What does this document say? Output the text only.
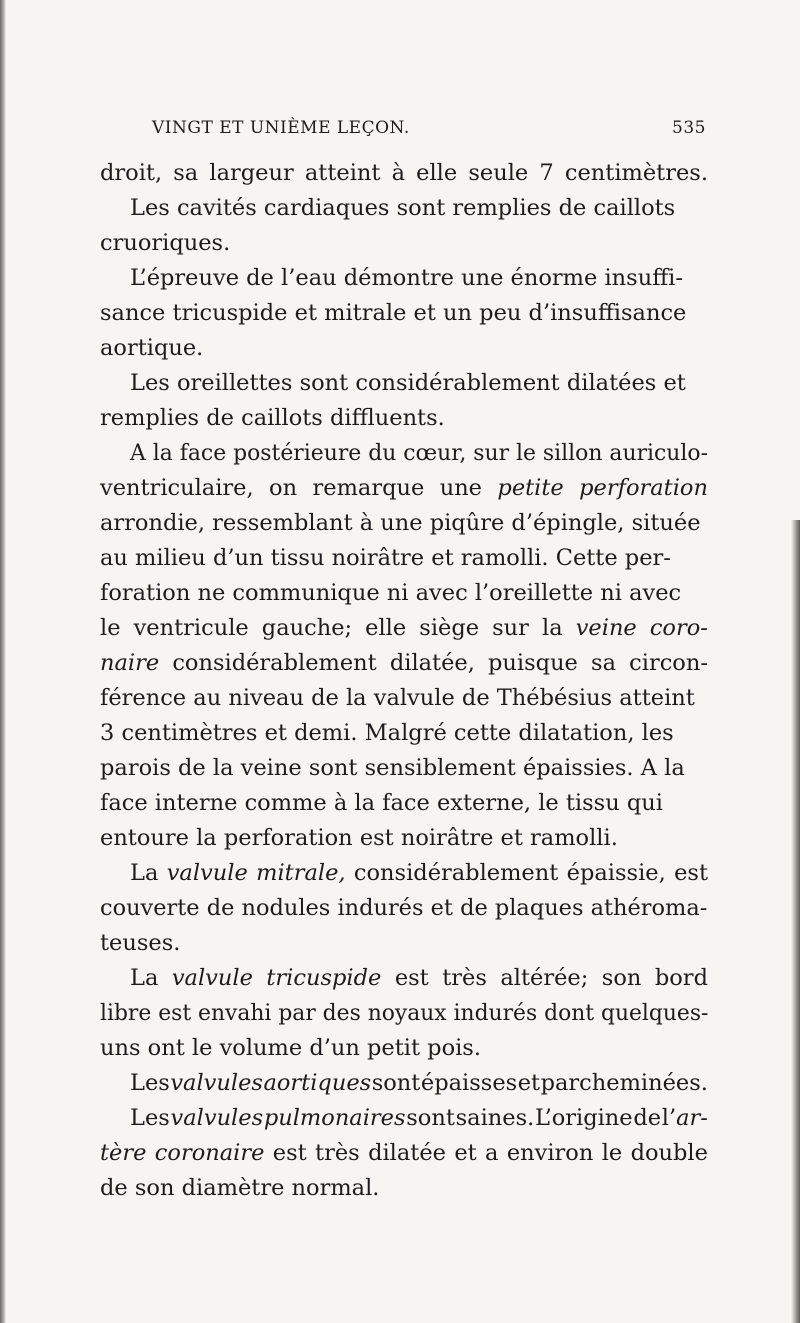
VINGT ET UNIÈME LEÇON.	535
droit, sa largeur atteint à elle seule 7 centimètres.
Les cavités cardiaques sont remplies de caillots
cruoriques.
L’épreuve de l’eau démontre une énorme insuffi-
sance tricuspide et mitrale et un peu d’insuffisance
aortique.
Les oreillettes sont considérablement dilatées et
remplies de caillots diffluents.
A la face postérieure du cœur, sur le sillon auriculo-
ventriculaire, on remarque une petite perforation
arrondie, ressemblant à une piqûre d’épingle, située
au milieu d’un tissu noirâtre et ramolli. Cette per-
foration ne communique ni avec l’oreillette ni avec
le ventricule gauche; elle siège sur la veine coro-
naire considérablement dilatée, puisque sa circon-
férence au niveau de la valvule de Thébésius atteint
3 centimètres et demi. Malgré cette dilatation, les
parois de la veine sont sensiblement épaissies. A la
face interne comme à la face externe, le tissu qui
entoure la perforation est noirâtre et ramolli.
La valvule mitrale, considérablement épaissie, est
couverte de nodules indurés et de plaques athéroma-
teuses.
La valvule tricuspide est très altérée; son bord
libre est envahi par des noyaux indurés dont quelques-
uns ont le volume d’un petit pois.
Les valvules aortiques sont épaisses et parcheminées.
Les valvules pulmonaires sont saines. L’origine de l’ar-
tère coronaire est très dilatée et a environ le double
de son diamètre normal.
